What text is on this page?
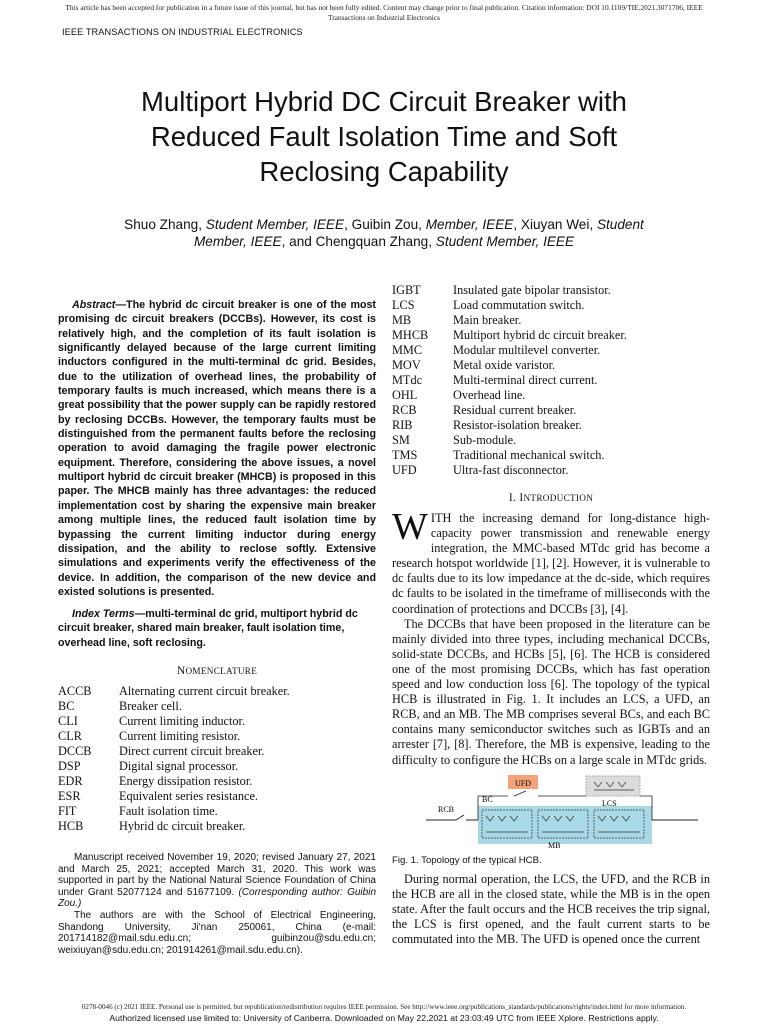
This article has been accepted for publication in a future issue of this journal, but has not been fully edited. Content may change prior to final publication. Citation information: DOI 10.1109/TIE.2021.3071706, IEEE
Transactions on Industrial Electronics
IEEE TRANSACTIONS ON INDUSTRIAL ELECTRONICS
Multiport Hybrid DC Circuit Breaker with
Reduced Fault Isolation Time and Soft
Reclosing Capability
Shuo Zhang, Student Member, IEEE, Guibin Zou, Member, IEEE, Xiuyan Wei, Student
Member, IEEE, and Chengquan Zhang, Student Member, IEEE
Abstract—The hybrid dc circuit breaker is one of the most promising dc circuit breakers (DCCBs). However, its cost is relatively high, and the completion of its fault isolation is significantly delayed because of the large current limiting inductors configured in the multi-terminal dc grid. Besides, due to the utilization of overhead lines, the probability of temporary faults is much increased, which means there is a great possibility that the power supply can be rapidly restored by reclosing DCCBs. However, the temporary faults must be distinguished from the permanent faults before the reclosing operation to avoid damaging the fragile power electronic equipment. Therefore, considering the above issues, a novel multiport hybrid dc circuit breaker (MHCB) is proposed in this paper. The MHCB mainly has three advantages: the reduced implementation cost by sharing the expensive main breaker among multiple lines, the reduced fault isolation time by bypassing the current limiting inductor during energy dissipation, and the ability to reclose softly. Extensive simulations and experiments verify the effectiveness of the device. In addition, the comparison of the new device and existed solutions is presented.
Index Terms—multi-terminal dc grid, multiport hybrid dc circuit breaker, shared main breaker, fault isolation time, overhead line, soft reclosing.
NOMENCLATURE
ACCB	Alternating current circuit breaker.
BC	Breaker cell.
CLI	Current limiting inductor.
CLR	Current limiting resistor.
DCCB	Direct current circuit breaker.
DSP	Digital signal processor.
EDR	Energy dissipation resistor.
ESR	Equivalent series resistance.
FIT	Fault isolation time.
HCB	Hybrid dc circuit breaker.

Manuscript received November 19, 2020; revised January 27, 2021 and March 25, 2021; accepted March 31, 2020. This work was supported in part by the National Natural Science Foundation of China under Grant 52077124 and 51677109. (Corresponding author: Guibin Zou.)

The authors are with the School of Electrical Engineering, Shandong University, Ji'nan 250061, China (e-mail: 201714182@mail.sdu.edu.cn; guibinzou@sdu.edu.cn; weixiuyan@sdu.edu.cn; 201914261@mail.sdu.edu.cn).

IGBT	Insulated gate bipolar transistor.
LCS	Load commutation switch.
MB	Main breaker.
MHCB	Multiport hybrid dc circuit breaker.
MMC	Modular multilevel converter.
MOV	Metal oxide varistor.
MTdc	Multi-terminal direct current.
OHL	Overhead line.
RCB	Residual current breaker.
RIB	Resistor-isolation breaker.
SM	Sub-module.
TMS	Traditional mechanical switch.
UFD	Ultra-fast disconnector.
I. INTRODUCTION

WITH the increasing demand for long-distance high-capacity power transmission and renewable energy integration, the MMC-based MTdc grid has become a research hotspot worldwide [1], [2]. However, it is vulnerable to dc faults due to its low impedance at the dc-side, which requires dc faults to be isolated in the timeframe of milliseconds with the coordination of protections and DCCBs [3], [4].

The DCCBs that have been proposed in the literature can be mainly divided into three types, including mechanical DCCBs, solid-state DCCBs, and HCBs [5], [6]. The HCB is considered one of the most promising DCCBs, which has fast operation speed and low conduction loss [6]. The topology of the typical HCB is illustrated in Fig. 1. It includes an LCS, a UFD, an RCB, and an MB. The MB comprises several BCs, and each BC contains many semiconductor switches such as IGBTs and an arrester [7], [8]. Therefore, the MB is expensive, leading to the difficulty to configure the HCBs on a large scale in MTdc grids.

UFD
LCS
RCB
BC
MB
Fig. 1. Topology of the typical HCB.

During normal operation, the LCS, the UFD, and the RCB in the HCB are all in the closed state, while the MB is in the open state. After the fault occurs and the HCB receives the trip signal, the LCS is first opened, and the fault current starts to be commutated into the MB. The UFD is opened once the current

0278-0046 (c) 2021 IEEE. Personal use is permitted, but republication/redistribution requires IEEE permission. See http://www.ieee.org/publications_standards/publications/rights/index.html for more information.
Authorized licensed use limited to: University of Canberra. Downloaded on May 22,2021 at 23:03:49 UTC from IEEE Xplore. Restrictions apply.
